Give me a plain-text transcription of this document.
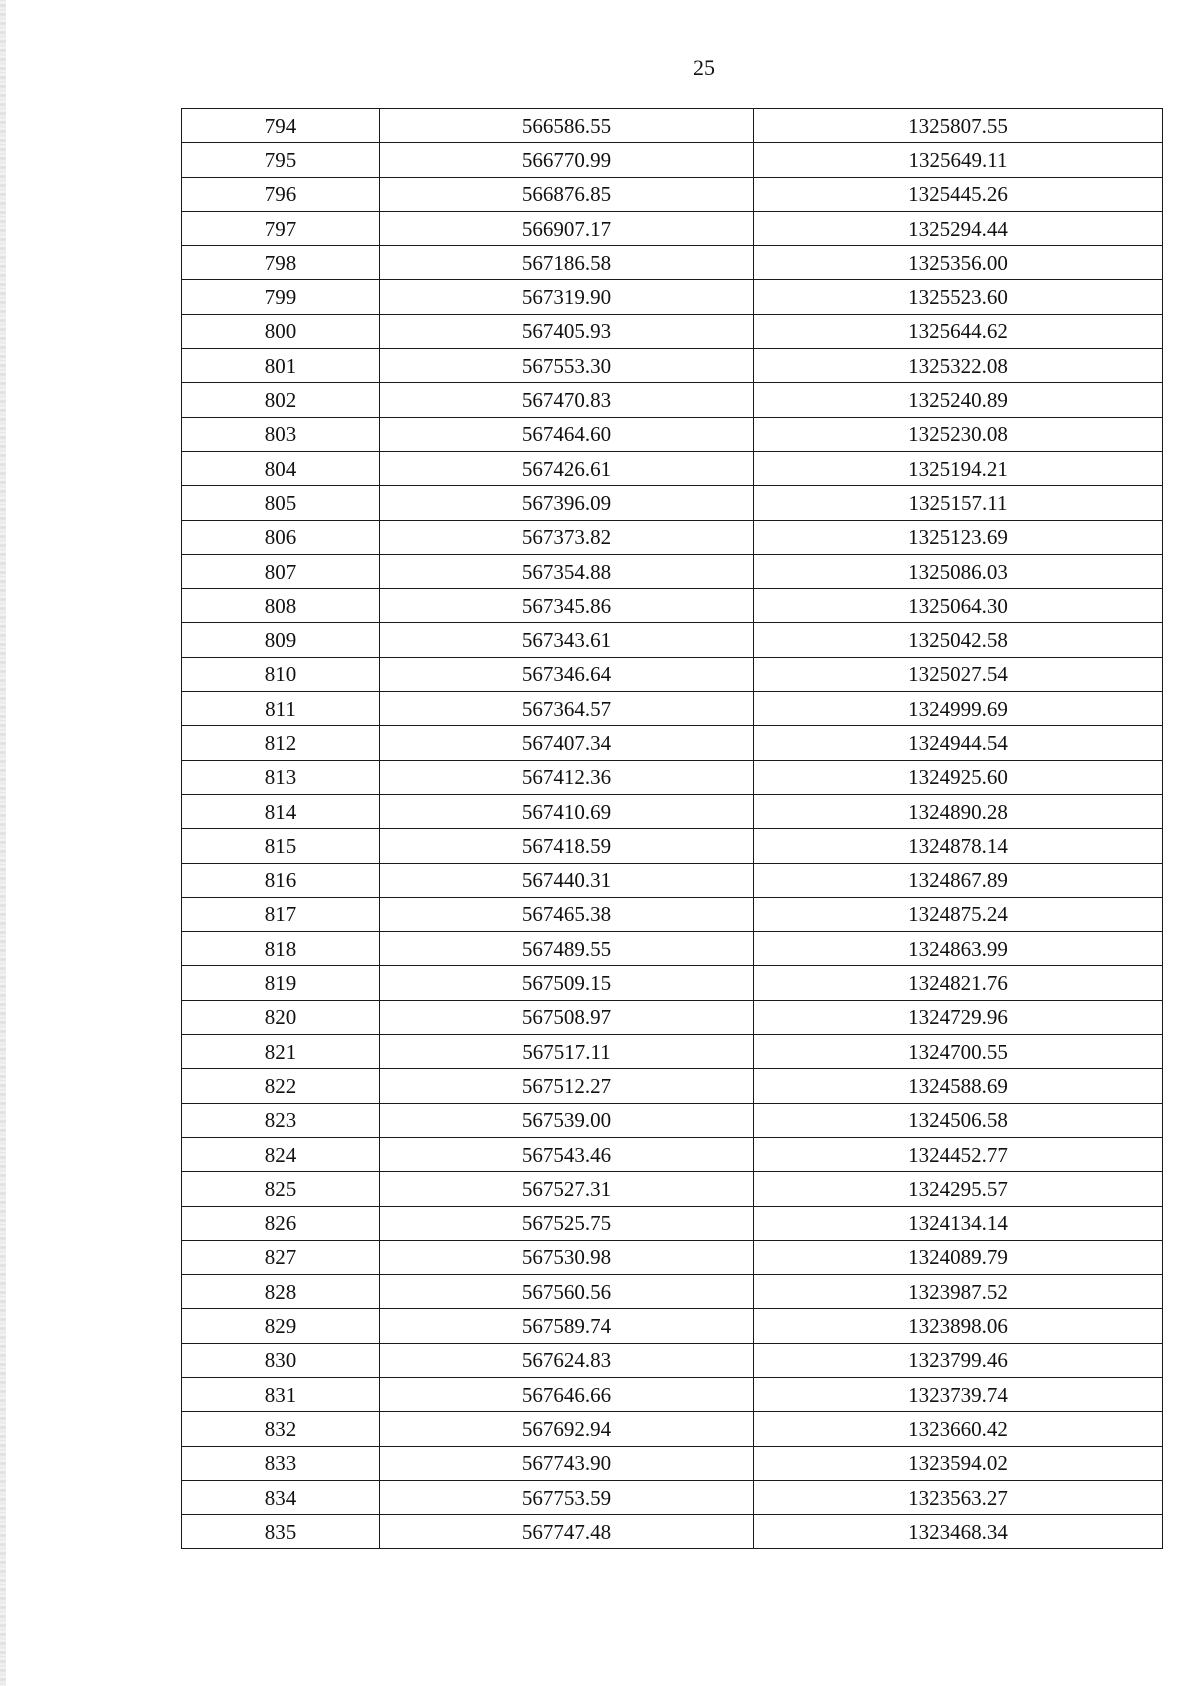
25
794	566586.55	1325807.55
795	566770.99	1325649.11
796	566876.85	1325445.26
797	566907.17	1325294.44
798	567186.58	1325356.00
799	567319.90	1325523.60
800	567405.93	1325644.62
801	567553.30	1325322.08
802	567470.83	1325240.89
803	567464.60	1325230.08
804	567426.61	1325194.21
805	567396.09	1325157.11
806	567373.82	1325123.69
807	567354.88	1325086.03
808	567345.86	1325064.30
809	567343.61	1325042.58
810	567346.64	1325027.54
811	567364.57	1324999.69
812	567407.34	1324944.54
813	567412.36	1324925.60
814	567410.69	1324890.28
815	567418.59	1324878.14
816	567440.31	1324867.89
817	567465.38	1324875.24
818	567489.55	1324863.99
819	567509.15	1324821.76
820	567508.97	1324729.96
821	567517.11	1324700.55
822	567512.27	1324588.69
823	567539.00	1324506.58
824	567543.46	1324452.77
825	567527.31	1324295.57
826	567525.75	1324134.14
827	567530.98	1324089.79
828	567560.56	1323987.52
829	567589.74	1323898.06
830	567624.83	1323799.46
831	567646.66	1323739.74
832	567692.94	1323660.42
833	567743.90	1323594.02
834	567753.59	1323563.27
835	567747.48	1323468.34
